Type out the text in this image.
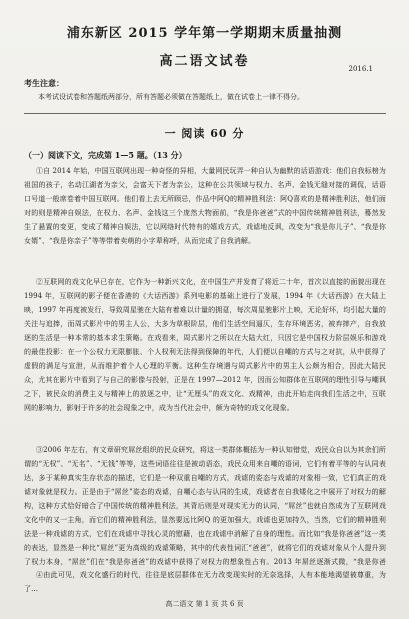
浦东新区 2015 学年第一学期期末质量抽测
2016.1
高二语文试卷
考生注意：
本考试设试卷和答题纸两部分，所有答题必须做在答题纸上，做在试卷上一律不得分。
一 阅读 60 分
（一）阅读下文，完成第 1—5 题。（13 分）
①自 2014 年始，中国互联网出现一种奇怪的异相，大量网民玩弄一种自认为幽默的话语游戏：他们自我标榜为祖国的孩子，名动江湖者为亲父，会富天下者为亲公，这种在公共领域与权力、名声、金钱无缝对接的调侃，话语口号道一般席卷着中国互联网。他们看上去无所顾忌，作品中阿Q的精神胜利法：阿Q喜欢的是精神胜利法，他们面对的则是精神自娱法，在权力、名声、金钱这三个庞然大物面前，“我是你爸爸”式的中国传统精神胜利法，蓦然发生了悬置的变更，变成了精神自娱法，它以网络时代特有的嬉戏方式，戏谑地反讽，改变为“我是你儿子”、“我是你女婿”、“我是你亲子”等等带着卖萌的小字辈称呼，从而完成了自我消解。
②互联网的戏文化早已存在，它作为一种新兴文化，在中国生产并发育了将近二十年，首次以直接的面貌出现在 1994 年，互联网的影子便在香港的《大话西游》系列电影的基础上进行了发展，1994 年《大话西游》在大陆上映，1997 年再度被发行，导致周星驰在大陆有着难以计量的拥趸，每次周星驰影片上映，无论好坏，均引起大量的关注与追捧，而周式影片中的男主人公，大多为草根阶层，他们生活空间逼仄，生存环境恶劣，被弃摔产，自我放逐的生活是一种本常的基本求生策略。在戏看来，周式影片之所以在大陆大红，只因它是中国权力阶层娱乐和游戏的最佳投影：在一个公权力无限膨胀、个人权利无法得到保障的年代，人们便以自嘲的方式与之对抗，从中获得了虚假的满足与宣泄，从而维护着个人心理的平衡。这种生存境遇与周式影片中的男主人公颇为相合，因此大陆民众，尤其在影片中看到了与自己的影像与投射，正是在 1997—2012 年，因而公知群体在互联网的理性引导与嘲讽之下，被民众的消费主义与精神上的放逐之中，让“无厘头”的戏文化、戏精神，由此开始走向我们生活之中，互联网的影响力，影射于许多的社会现象之中，成为当代社会中，颇为奇特的戏文化现象。
③2006 年左右，有文章研究屌丝组织的民众研究，将这一类群体概括为一种认知错觉，戏民众自以为其余们所谓的“无权”、“无名”、“无钱”等等，这些词语往往是被动语态，戏民众用来自嘲的语词，它们有着平等的与认同表达，多于某种真实生存状态的描述，它们是一种双重自嘲的方式，戏谑的姿态与戏谑的对象相一致，它们真正的戏谑对象就是权力。正是由于“屌丝”姿态的戏谑，自嘲心态与认同的生成，戏谑者在自我矮化之中展开了对权力的解构，这种方式恰好暗合了中国传统的精神胜利法，其背后则是对现实无力的认同，“屌丝”也就自然成为了互联网戏文化中的又一主角，而它们的精神胜利法，显然要远比阿Q 的更加强大，戏谑也更加持久，当然，它们的精神胜利法是一种戏谑的方式，它们在戏谑中寻找心灵的慰藉，也在戏谑中消解了自身的理性。而比如“我是你爸爸”这一类的表达，显然是一种比“屌丝”更为高级的戏谑策略，其中的代表性词汇“爸爸”，就将它们的戏谑对象从个人提升到了权力本身，“屌丝”们在“我是你爸爸”的戏谑中获得了对权力的想象性占有。2013 年屌丝逐渐式微，“我是你爸
④由此可见，戏文化盛行的时代，往往是底层群体在无力改变现实时的无奈选择，人有本能地渴望被尊重，为了...
高二语文 第 1 页 共 6 页
